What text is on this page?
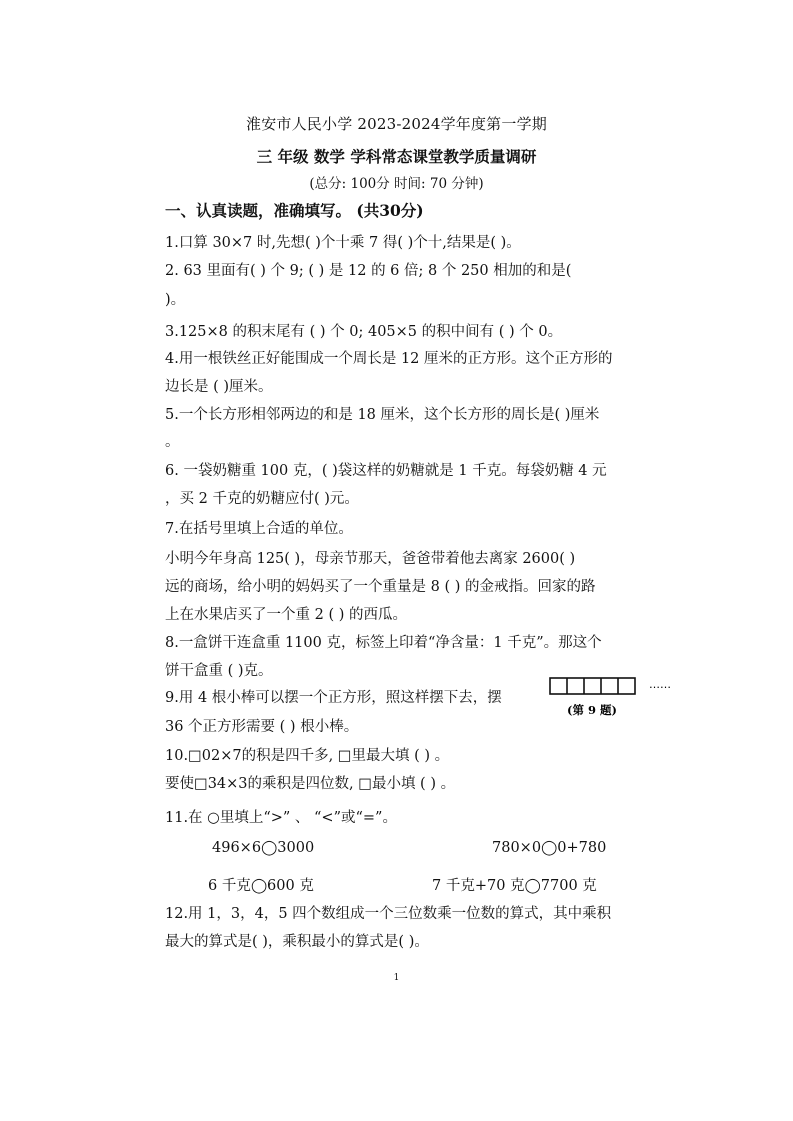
淮安市人民小学 2023-2024学年度第一学期
三 年级 数学 学科常态课堂教学质量调研
(总分: 100分 时间: 70 分钟)
一、认真读题，准确填写。 (共30分)
1.口算 30×7 时,先想( )个十乘 7 得( )个十,结果是( )。
2. 63 里面有( ) 个 9; ( ) 是 12 的 6 倍; 8 个 250 相加的和是(
)。
3.125×8 的积末尾有 ( ) 个 0; 405×5 的积中间有 ( ) 个 0。
4.用一根铁丝正好能围成一个周长是 12 厘米的正方形。这个正方形的
边长是 ( )厘米。
5.一个长方形相邻两边的和是 18 厘米，这个长方形的周长是( )厘米
。
6. 一袋奶糖重 100 克，( )袋这样的奶糖就是 1 千克。每袋奶糖 4 元
，买 2 千克的奶糖应付( )元。
7.在括号里填上合适的单位。
小明今年身高 125( )，母亲节那天，爸爸带着他去离家 2600( )
远的商场，给小明的妈妈买了一个重量是 8 ( ) 的金戒指。回家的路
上在水果店买了一个重 2 ( ) 的西瓜。
8.一盒饼干连盒重 1100 克，标签上印着“净含量：1 千克”。那这个
饼干盒重 ( )克。
9.用 4 根小棒可以摆一个正方形，照这样摆下去，摆
36 个正方形需要 ( ) 根小棒。
……
(第 9 题)
10.□02×7的积是四千多, □里最大填 ( ) 。
要使□34×3的乘积是四位数, □最小填 ( ) 。
11.在 ○里填上“>” 、 “<”或“=”。
496×6◯3000	780×0◯0+780
6 千克◯600 克	7 千克+70 克◯7700 克
12.用 1，3，4，5 四个数组成一个三位数乘一位数的算式，其中乘积
最大的算式是( )，乘积最小的算式是( )。
1
